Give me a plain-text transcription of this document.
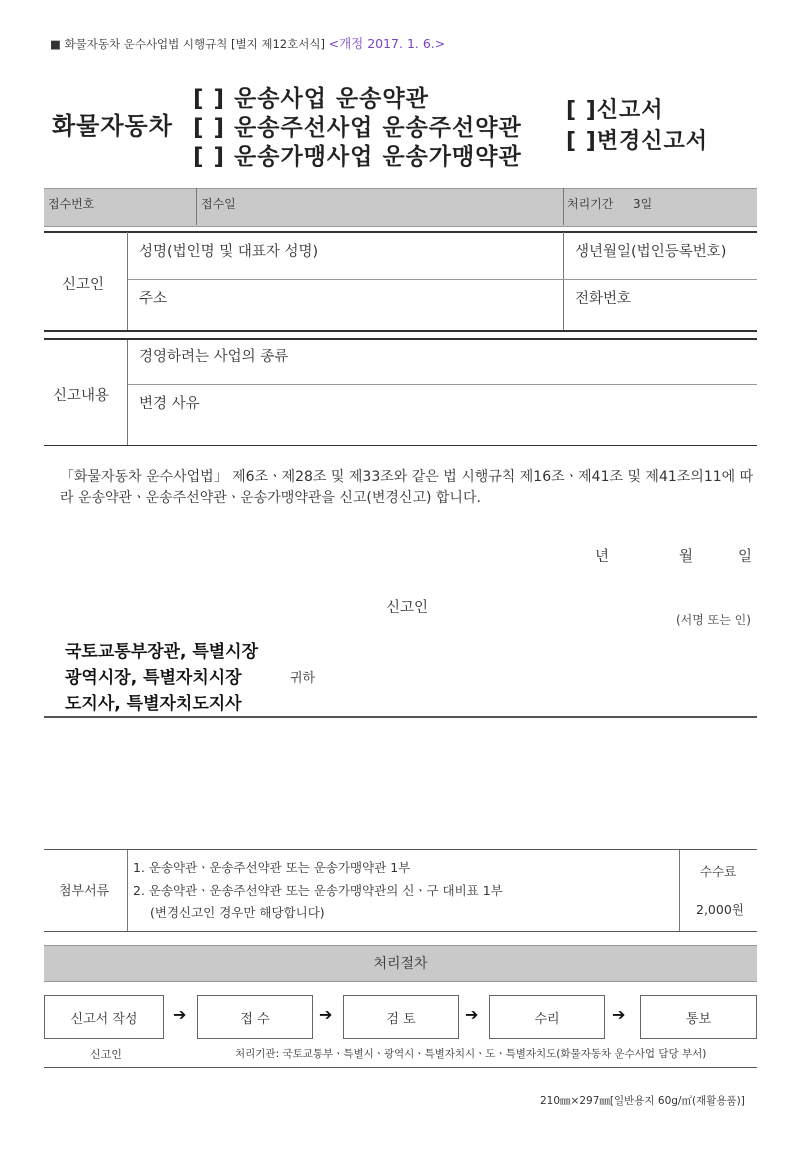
■ 화물자동차 운수사업법 시행규칙 [별지 제12호서식] <개정 2017. 1. 6.>
화물자동차
[ ] 운송사업 운송약관
[ ] 운송주선사업 운송주선약관
[ ] 운송가맹사업 운송가맹약관
[ ]신고서
[ ]변경신고서
접수번호	접수일	처리기간 3일
신고인
성명(법인명 및 대표자 성명)	생년월일(법인등록번호)
주소	전화번호
신고내용
경영하려는 사업의 종류
변경 사유
「화물자동차 운수사업법」 제6조ㆍ제28조 및 제33조와 같은 법 시행규칙 제16조ㆍ제41조 및 제41조의11에 따라 운송약관ㆍ운송주선약관ㆍ운송가맹약관을 신고(변경신고) 합니다.
년	월	일
신고인
(서명 또는 인)
국토교통부장관, 특별시장
광역시장, 특별자치시장
도지사, 특별자치도지사
귀하
첨부서류
1. 운송약관ㆍ운송주선약관 또는 운송가맹약관 1부
2. 운송약관ㆍ운송주선약관 또는 운송가맹약관의 신ㆍ구 대비표 1부
(변경신고인 경우만 해당합니다)
수수료
2,000원
처리절차
신고서 작성	➔	접 수	➔	검 토	➔	수리	➔	통보
신고인	처리기관: 국토교통부ㆍ특별시ㆍ광역시ㆍ특별자치시ㆍ도ㆍ특별자치도(화물자동차 운수사업 담당 부서)
210㎜×297㎜[일반용지 60g/㎡(재활용품)]
